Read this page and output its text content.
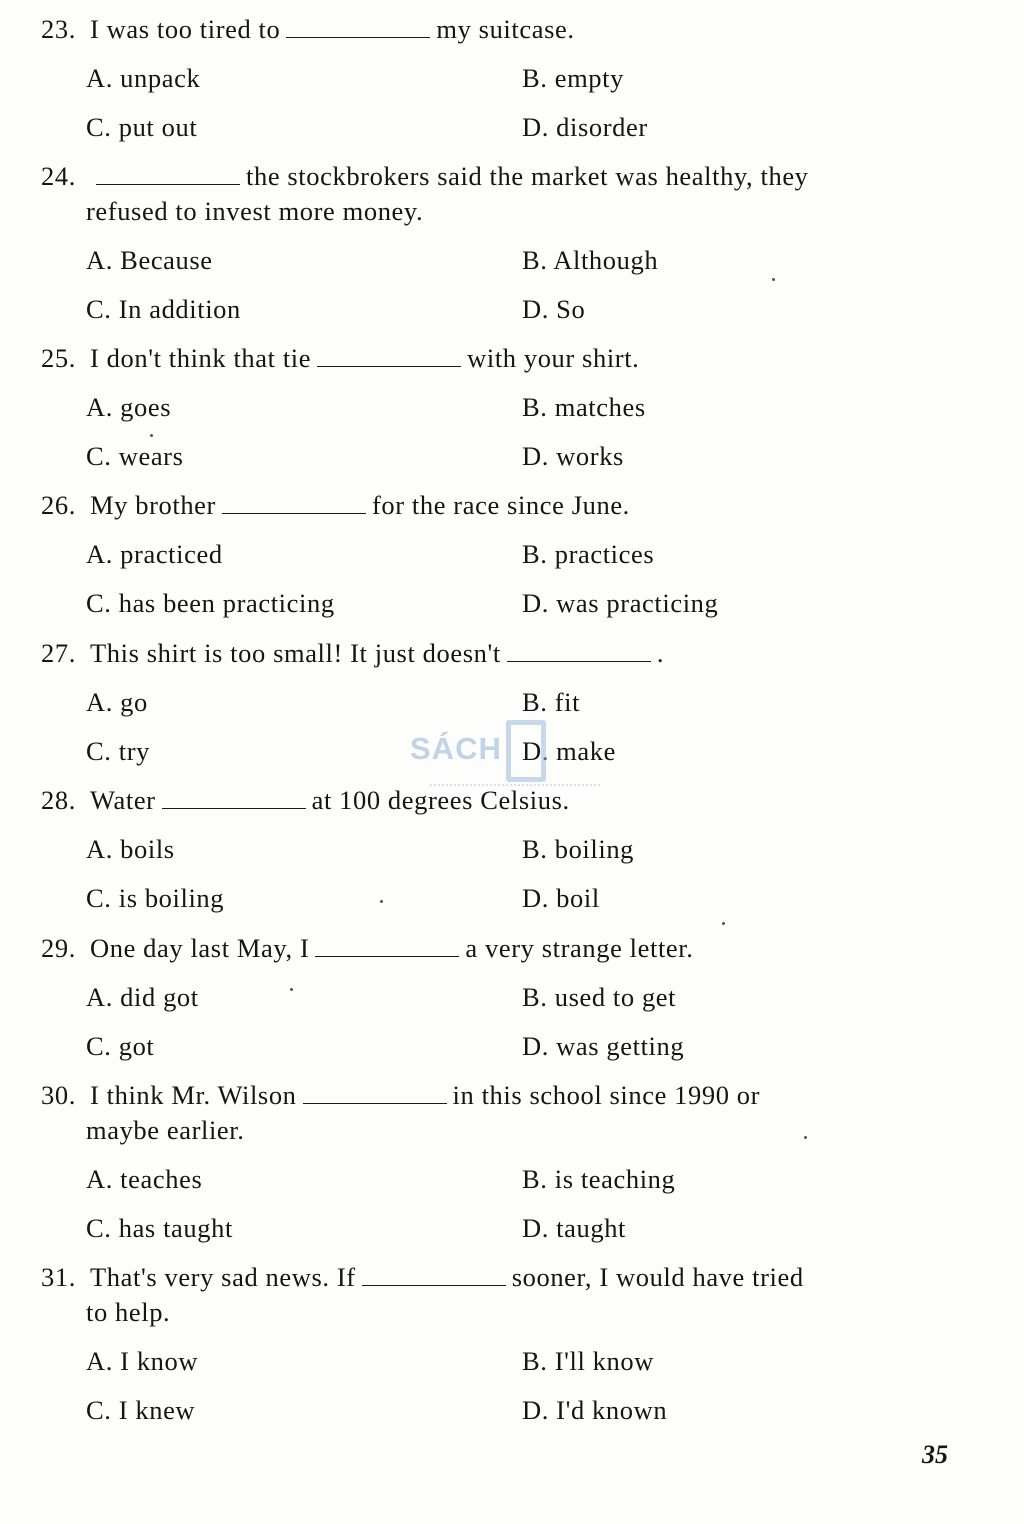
23. I was too tired to	my suitcase.
A. unpack	B. empty
C. put out	D. disorder
24.	the stockbrokers said the market was healthy, they
refused to invest more money.
A. Because	B. Although
C. In addition	D. So
25. I don't think that tie	with your shirt.
A. goes	B. matches
C. wears	D. works
26. My brother	for the race since June.
A. practiced	B. practices
C. has been practicing	D. was practicing
27. This shirt is too small! It just doesn't	.
A. go	B. fit
C. try	D. make
28. Water	at 100 degrees Celsius.
A. boils	B. boiling
C. is boiling	D. boil
29. One day last May, I	a very strange letter.
A. did got	B. used to get
C. got	D. was getting
30. I think Mr. Wilson	in this school since 1990 or
maybe earlier.
A. teaches	B. is teaching
C. has taught	D. taught
31. That's very sad news. If	sooner, I would have tried
to help.
A. I know	B. I'll know
C. I knew	D. I'd known
SÁCH
35
